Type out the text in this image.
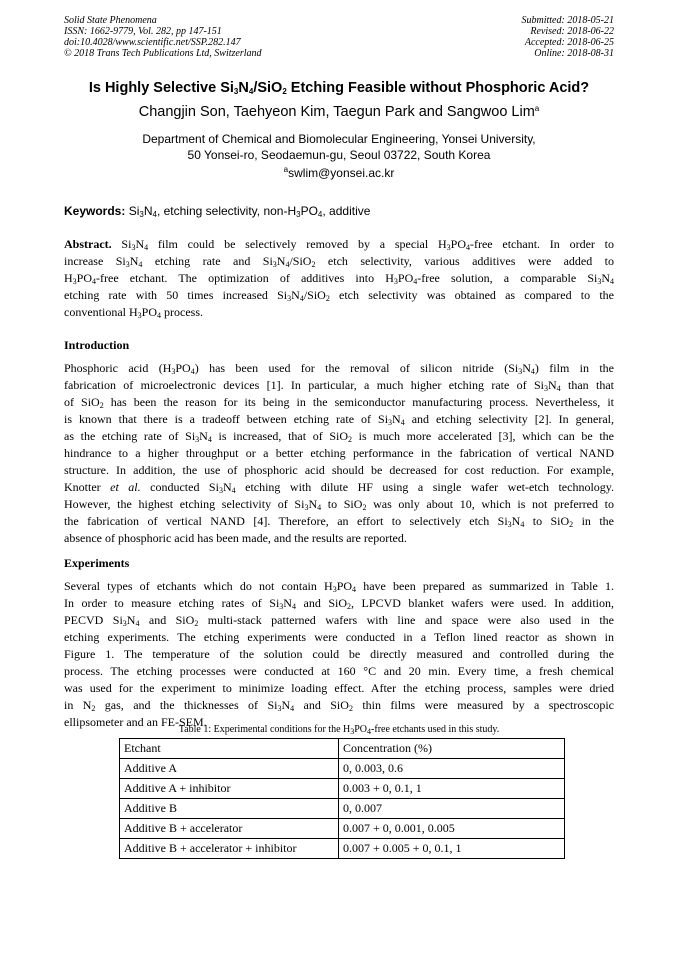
Solid State Phenomena
ISSN: 1662-9779, Vol. 282, pp 147-151
doi:10.4028/www.scientific.net/SSP.282.147
© 2018 Trans Tech Publications Ltd, Switzerland
Submitted: 2018-05-21
Revised: 2018-06-22
Accepted: 2018-06-25
Online: 2018-08-31
Is Highly Selective $Si_3N_4/SiO_2$ Etching Feasible without Phosphoric Acid?
Changjin Son, Taehyeon Kim, Taegun Park and Sangwoo Lim$^a$
Department of Chemical and Biomolecular Engineering, Yonsei University,
50 Yonsei-ro, Seodaemun-gu, Seoul 03722, South Korea
$^a$swlim@yonsei.ac.kr
Keywords: $Si_3N_4$, etching selectivity, non-$H_3PO_4$, additive
Abstract. $Si_3N_4$ film could be selectively removed by a special $H_3PO_4$-free etchant. In order to
increase $Si_3N_4$ etching rate and $Si_3N_4/SiO_2$ etch selectivity, various additives were added to
$H_3PO_4$-free etchant. The optimization of additives into $H_3PO_4$-free solution, a comparable $Si_3N_4$
etching rate with 50 times increased $Si_3N_4/SiO_2$ etch selectivity was obtained as compared to the
conventional $H_3PO_4$ process.
Introduction
Phosphoric acid $(H_3PO_4)$ has been used for the removal of silicon nitride $(Si_3N_4)$ film in the
fabrication of microelectronic devices [1]. In particular, a much higher etching rate of $Si_3N_4$ than that
of SiO$_2$ has been the reason for its being in the semiconductor manufacturing process. Nevertheless, it
is known that there is a tradeoff between etching rate of $Si_3N_4$ and etching selectivity [2]. In general,
as the etching rate of $Si_3N_4$ is increased, that of SiO$_2$ is much more accelerated [3], which can be the
hindrance to a higher throughput or a better etching performance in the fabrication of vertical NAND
structure. In addition, the use of phosphoric acid should be decreased for cost reduction. For example,
Knotter et al. conducted $Si_3N_4$ etching with dilute HF using a single wafer wet-etch technology.
However, the highest etching selectivity of $Si_3N_4$ to SiO$_2$ was only about 10, which is not preferred to
the fabrication of vertical NAND [4]. Therefore, an effort to selectively etch $Si_3N_4$ to SiO$_2$ in the
absence of phosphoric acid has been made, and the results are reported.
Experiments
Several types of etchants which do not contain $H_3PO_4$ have been prepared as summarized in Table 1.
In order to measure etching rates of $Si_3N_4$ and SiO$_2$, LPCVD blanket wafers were used. In addition,
PECVD $Si_3N_4$ and SiO$_2$ multi-stack patterned wafers with line and space were also used in the
etching experiments. The etching experiments were conducted in a Teflon lined reactor as shown in
Figure 1. The temperature of the solution could be directly measured and controlled during the
process. The etching processes were conducted at 160 °C and 20 min. Every time, a fresh chemical
was used for the experiment to minimize loading effect. After the etching process, samples were dried
in $N_2$ gas, and the thicknesses of $Si_3N_4$ and SiO$_2$ thin films were measured by a spectroscopic
ellipsometer and an FE-SEM.
Table 1: Experimental conditions for the $H_3PO_4$-free etchants used in this study.
Etchant	Concentration (%)
Additive A	0, 0.003, 0.6
Additive A + inhibitor	0.003 + 0, 0.1, 1
Additive B	0, 0.007
Additive B + accelerator	0.007 + 0, 0.001, 0.005
Additive B + accelerator + inhibitor	0.007 + 0.005 + 0, 0.1, 1
